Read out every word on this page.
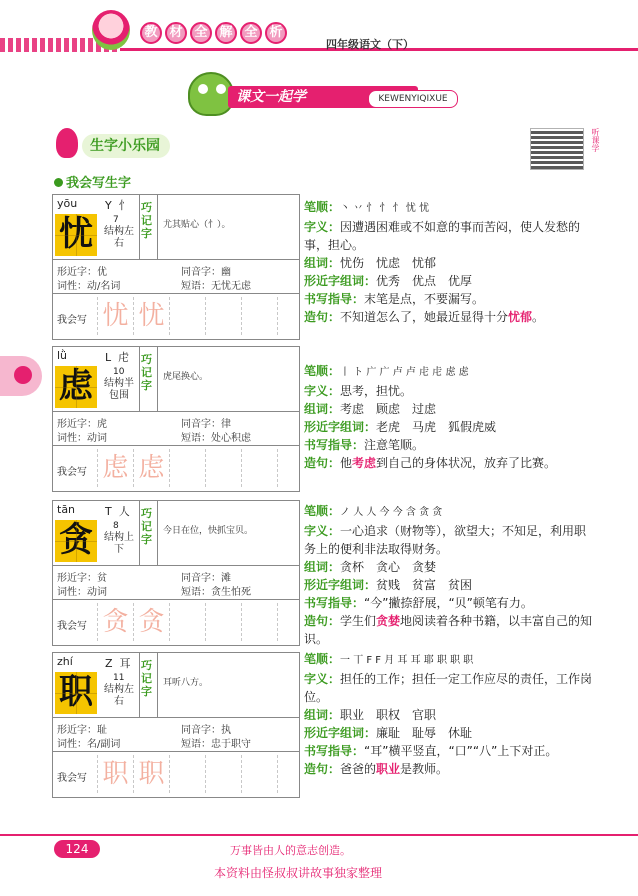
教 材 全 解 全 析
四年级语文（下）
课文一起学	KEWENYIQIXUE
生字小乐园	听课学
我会写生字
yōu	Y 忄
忧	7
结构左右
巧记字
尤其贴心（忄）。
形近字：优	同音字：幽
词性：动/名词	短语：无忧无虑
我会写 忧 忧
lǜ	L 虍
虑	10
结构半包围
巧记字
虎尾换心。
形近字：虎	同音字：律
词性：动词	短语：处心积虑
我会写 虑 虑
tān	T 人
贪	8
结构上下
巧记字
今日在位，快抓宝贝。
形近字：贫	同音字：滩
词性：动词	短语：贪生怕死
我会写 贪 贪
zhí	Z 耳
职	11
结构左右
巧记字
耳听八方。
形近字：耻	同音字：执
词性：名/副词	短语：忠于职守
我会写 职 职

笔顺：丶 丷 忄 忄 忄 忧 忧

字义：因遭遇困难或不如意的事而苦闷，使人发愁的事，担心。

组词：忧伤　忧虑　忧郁

形近字组词：优秀　优点　优厚

书写指导：末笔是点，不要漏写。

造句：不知道怎么了，她最近显得十分忧郁。

笔顺：丨 ト 广 广 卢 卢 虍 虍 虑 虑

字义：思考，担忧。

组词：考虑　顾虑　过虑

形近字组词：老虎　马虎　狐假虎威

书写指导：注意笔顺。

造句：他考虑到自己的身体状况，放弃了比赛。

笔顺：ノ 人 人 今 今 含 贪 贪

字义：一心追求（财物等），欲望大；不知足，利用职务上的便利非法取得财务。

组词：贪杯　贪心　贪婪

形近字组词：贫贱　贫富　贫困

书写指导：“今”撇捺舒展，“贝”顿笔有力。

造句：学生们贪婪地阅读着各种书籍，以丰富自己的知识。

笔顺：一 丅 F F 月 耳 耳 耶 职 职 职

字义：担任的工作；担任一定工作应尽的责任，工作岗位。

组词：职业　职权　官职

形近字组词：廉耻　耻辱　休耻

书写指导：“耳”横平竖直，“口”“八”上下对正。

造句：爸爸的职业是教师。

124	万事皆由人的意志创造。
本资料由怪叔叔讲故事独家整理
